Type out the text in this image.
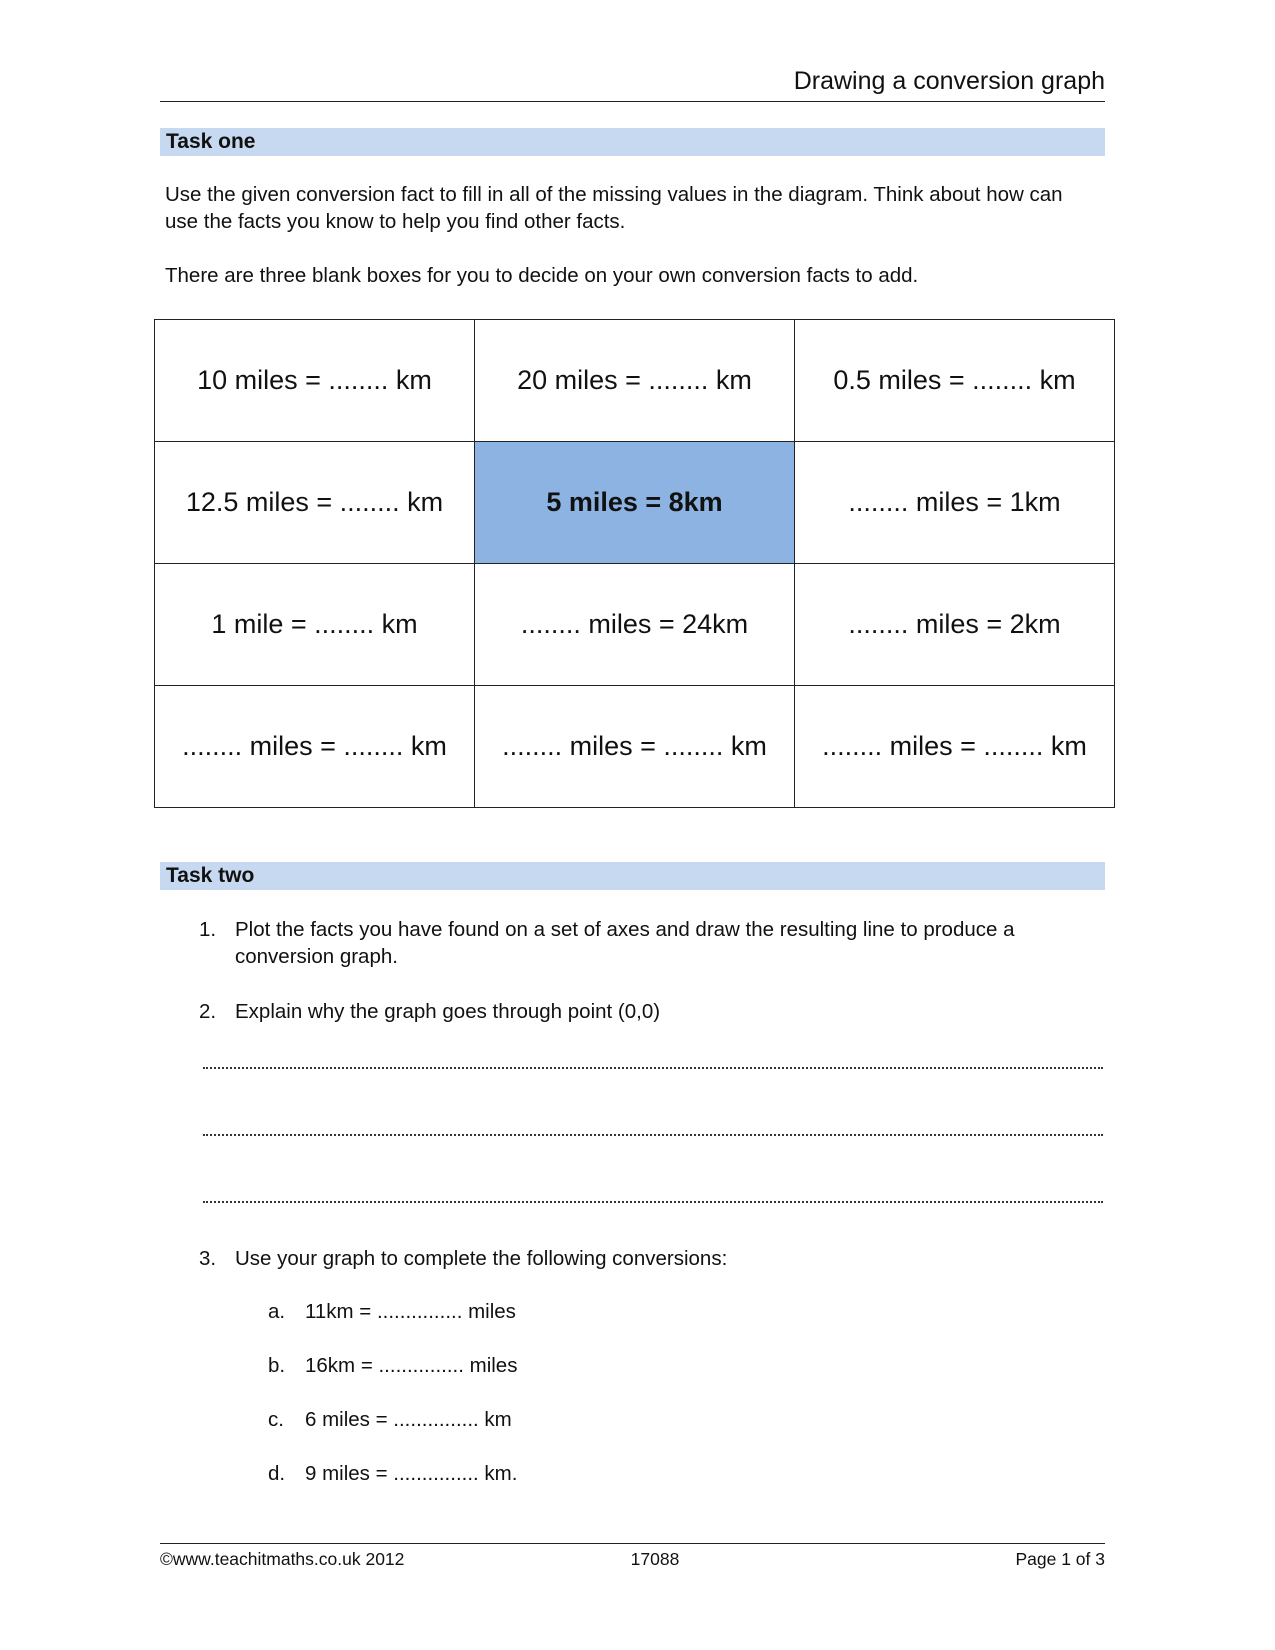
Drawing a conversion graph
Task one
Use the given conversion fact to fill in all of the missing values in the diagram. Think about how can use the facts you know to help you find other facts.
There are three blank boxes for you to decide on your own conversion facts to add.
10 miles = ........ km	20 miles = ........ km	0.5 miles = ........ km
12.5 miles = ........ km	5 miles = 8km	........ miles = 1km
1 mile = ........ km	........ miles = 24km	........ miles = 2km
........ miles = ........ km	........ miles = ........ km	........ miles = ........ km
Task two
1. Plot the facts you have found on a set of axes and draw the resulting line to produce a conversion graph.
2. Explain why the graph goes through point (0,0)
3. Use your graph to complete the following conversions:
a. 11km = ............... miles
b. 16km = ............... miles
c.	6 miles = ............... km
d. 9 miles = ............... km.
©www.teachitmaths.co.uk 2012	17088	Page 1 of 3
